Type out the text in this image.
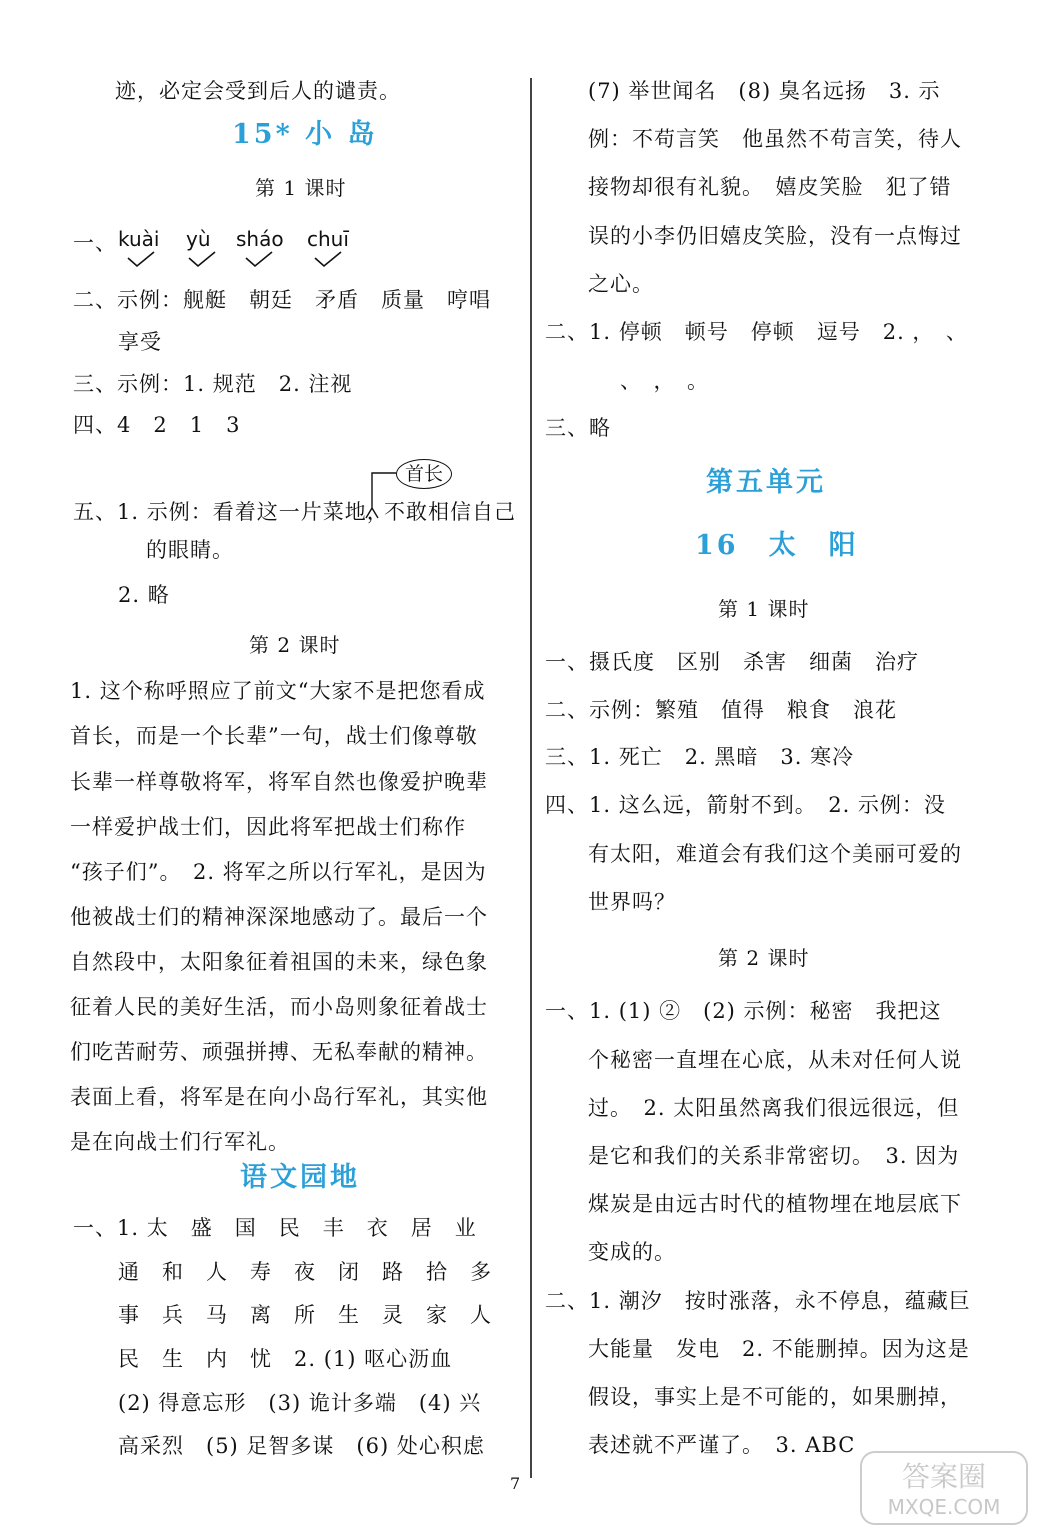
迹，必定会受到后人的谴责。
15* 小 岛
第 1 课时
一、 kuài yù sháo chuī
二、示例：舰艇　朝廷　矛盾　质量　哼唱
享受
三、示例：1. 规范　2. 注视
四、4　2　1　3
首长
五、1. 示例：看着这一片菜地，
不敢相信自己
的眼睛。
2. 略
第 2 课时
1. 这个称呼照应了前文“大家不是把您看成
首长，而是一个长辈”一句，战士们像尊敬
长辈一样尊敬将军，将军自然也像爱护晚辈
一样爱护战士们，因此将军把战士们称作
“孩子们”。　2. 将军之所以行军礼，是因为
他被战士们的精神深深地感动了。最后一个
自然段中，太阳象征着祖国的未来，绿色象
征着人民的美好生活，而小岛则象征着战士
们吃苦耐劳、顽强拼搏、无私奉献的精神。
表面上看，将军是在向小岛行军礼，其实他
是在向战士们行军礼。
语文园地
一、1. 太　盛　国　民　丰　衣　居　业
通　和　人　寿　夜　闭　路　拾　多
事　兵　马　离　所　生　灵　家　人
民　生　内　忧　2. (1) 呕心沥血
(2) 得意忘形　(3) 诡计多端　(4) 兴
高采烈　(5) 足智多谋　(6) 处心积虑
(7) 举世闻名　(8) 臭名远扬　3. 示
例：不苟言笑　他虽然不苟言笑，待人
接物却很有礼貌。　嬉皮笑脸　犯了错
误的小李仍旧嬉皮笑脸，没有一点悔过
之心。
二、1. 停顿　顿号　停顿　逗号　2. ，　、
、　，　。
三、略
第五单元
16　太　阳
第 1 课时
一、摄氏度　区别　杀害　细菌　治疗
二、示例：繁殖　值得　粮食　浪花
三、1. 死亡　2. 黑暗　3. 寒冷
四、1. 这么远，箭射不到。　2. 示例：没
有太阳，难道会有我们这个美丽可爱的
世界吗？
第 2 课时
一、1. (1) ②　(2) 示例：秘密　我把这
个秘密一直埋在心底，从未对任何人说
过。　2. 太阳虽然离我们很远很远，但
是它和我们的关系非常密切。　3. 因为
煤炭是由远古时代的植物埋在地层底下
变成的。
二、1. 潮汐　按时涨落，永不停息，蕴藏巨
大能量　发电　2. 不能删掉。因为这是
假设，事实上是不可能的，如果删掉，
表述就不严谨了。　3. ABC
7	答案圈
MXQE.COM
